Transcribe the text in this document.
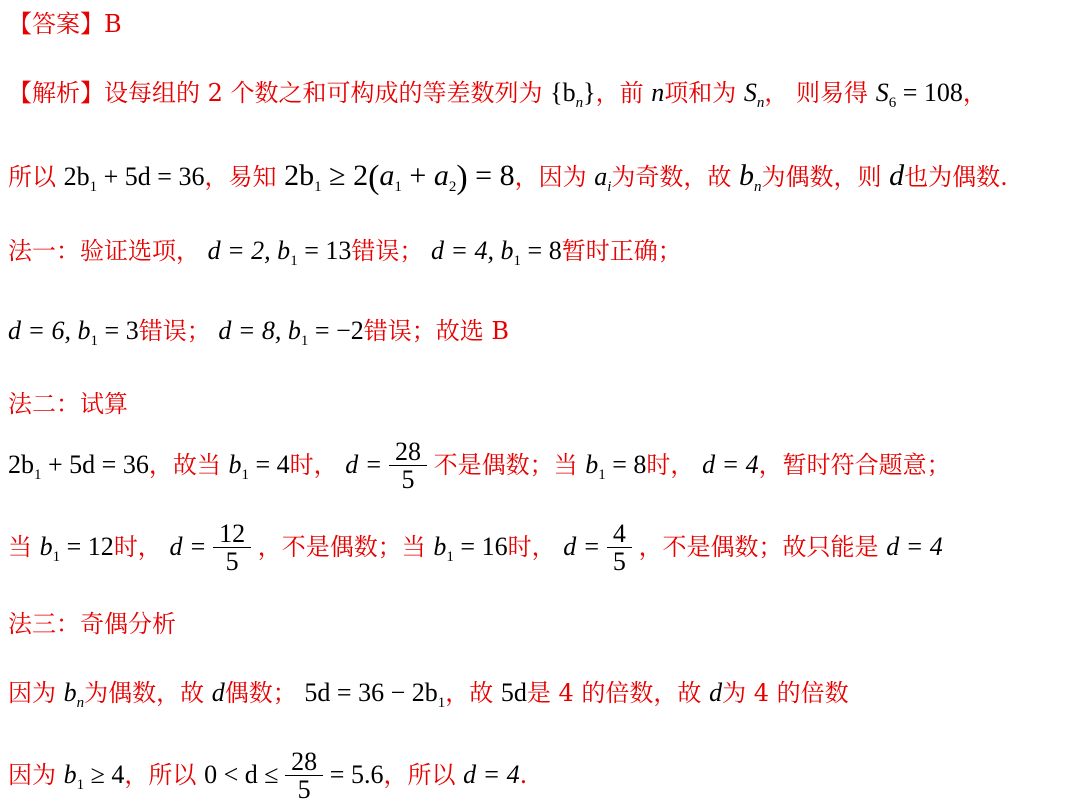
【答案】B
【解析】设每组的 2 个数之和可构成的等差数列为 $\{b_n\}$，前 n项和为 $S_n$， 则易得 $S_6 = 108$，
所以 $2b_1 + 5d = 36$，易知 $2b_1 \ge 2(a_1 + a_2) = 8$，因为 $a_i$为奇数，故 $b_n$为偶数，则 d也为偶数.
法一：验证选项， d = 2, $b_1 = 13$错误； d = 4, $b_1 = 8$暂时正确；
d = 6, $b_1 = 3$错误； d = 8, $b_1 = -2$错误；故选 B
法二：试算
$2b_1 + 5d = 36$，故当 $b_1 = 4$时， $d = \frac{28}{5}$ 不是偶数；当 $b_1 = 8$时， d = 4，暂时符合题意；
当 $b_1 = 12$时， $d = \frac{12}{5}$ ，不是偶数；当 $b_1 = 16$时， $d = \frac{4}{5}$ ，不是偶数；故只能是 d = 4
法三：奇偶分析
因为 $b_n$为偶数，故 d偶数； $5d = 36 - 2b_1$，故 5d是 4 的倍数，故 d为 4 的倍数
因为 $b_1 \ge 4$，所以 $0 < d \le \frac{28}{5} = 5.6$，所以 d = 4.
